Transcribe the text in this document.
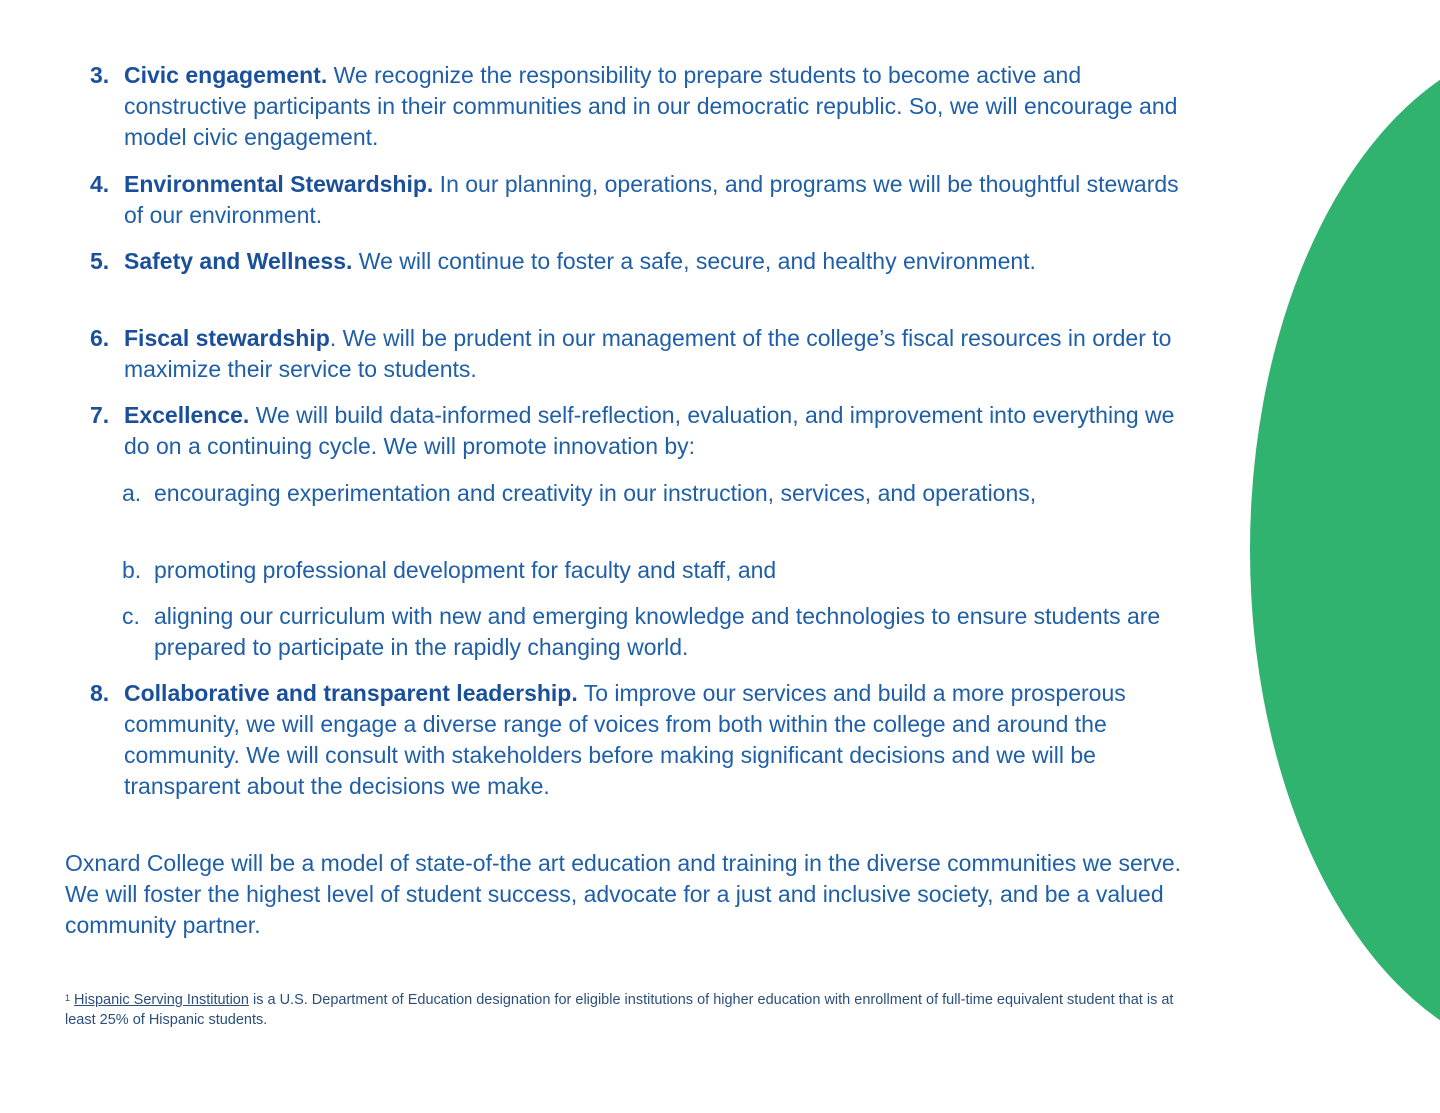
3. Civic engagement. We recognize the responsibility to prepare students to become active and constructive participants in their communities and in our democratic republic. So, we will encourage and model civic engagement.
4. Environmental Stewardship. In our planning, operations, and programs we will be thoughtful stewards of our environment.
5. Safety and Wellness. We will continue to foster a safe, secure, and healthy environment.
6. Fiscal stewardship. We will be prudent in our management of the college’s fiscal resources in order to maximize their service to students.
7. Excellence. We will build data-informed self-reflection, evaluation, and improvement into everything we do on a continuing cycle. We will promote innovation by:
a. encouraging experimentation and creativity in our instruction, services, and operations,
b. promoting professional development for faculty and staff, and
c. aligning our curriculum with new and emerging knowledge and technologies to ensure students are prepared to participate in the rapidly changing world.
8. Collaborative and transparent leadership. To improve our services and build a more prosperous community, we will engage a diverse range of voices from both within the college and around the community. We will consult with stakeholders before making significant decisions and we will be transparent about the decisions we make.
Oxnard College will be a model of state-of-the art education and training in the diverse communities we serve. We will foster the highest level of student success, advocate for a just and inclusive society, and be a valued community partner.
$^1$ Hispanic Serving Institution is a U.S. Department of Education designation for eligible institutions of higher education with enrollment of full-time equivalent student that is at least 25% of Hispanic students.
